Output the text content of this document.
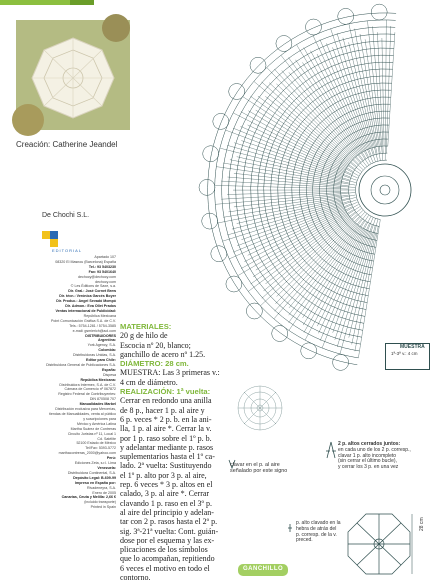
Creación: Catherine Jeandel
De Chochi S.L.
EDITORIAL
Apartado 107
08320 El Masnou (Barcelona) España
Tel.: 93 5403230
Fax: 93 5401640
dechocy@dechocy.com
dechocy.com
© Les Éditions de Saxe, s.a.
Dir. Gral.: José Cornet Brew
Dir. técn.: Verónica Garcés Boyer
Dir. Produc.: Angel Sevadó Mompó
Dir. Admon.: Eva Ollet Prados
Ventas internacional de Publicidad:
República Mexicana
Point Comunicación Gráfica S.A. de C.V.
Tels.: 5754-1281 / 5754-3585
e-mail: gsmierich@aol.com
DISTRIBUIDORES
Argentina:
York Agency, S.A.
Colombia:
Distribuidoras Unidas, S.A.
Editor para Chile:
Distribuidora General de Publicaciones S.A.
España:
Dispesa
República Mexicana:
Distribuidora Intermex, S.A. de C.V.
Cámara de Comercio nº 067872
Registro Federal de Contribuyentes:
DIN 870508 707
Manualidades Marbel
Distribución exclusiva para Mercerías,
tiendas de Manualidades, venta al público
y suscripciones para
México y América Latina
Martha Suárez de Contreras
Circuito Juristas nº 11, Local 1
Cd. Satélite
52100 Estado de México
Tel/Fax: 5393-5772
marthacontreras_2000@yahoo.com
Perú:
Ediciones Zeta, s.r.l. Lima
Venezuela:
Distribuidora Continental, S.A.
Depósito Legal: B-609-99
Impreso en España por:
Rivadeneyra, S.A.
Enero de 2005
Canarias, Ceuta y Melilla: 2,66 €
(incluido transporte)
Printed in Spain
MUESTRA
1ª-3ª v.: 4 cm
MATERIALES:
20 g de hilo de
Escocia nº 20, blanco;
ganchillo de acero nº 1.25.
DIÁMETRO: 28 cm.
MUESTRA: Las 3 primeras v.:
4 cm de diámetro.
REALIZACIÓN: 1ª vuelta:
Cerrar en redondo una anilla
de 8 p., hacer 1 p. al aire y
6 p. veces * 2 p. b. en la ani-
lla, 1 p. al aire *. Cerrar la v.
por 1 p. raso sobre el 1º p. b.
y adelantar mediante p. rasos
suplementarios hasta el 1º ca-
lado. 2ª vuelta: Sustituyendo
el 1º p. alto por 3 p. al aire,
rep. 6 veces * 3 p. altos en el
calado, 3 p. al aire *. Cerrar
clavando 1 p. raso en el 3º p.
al aire del principio y adelan-
tar con 2 p. rasos hasta el 2º p.
sig. 3ª-21ª vuelta: Cont. guián-
dose por el esquema y las ex-
plicaciones de los símbolos
que lo acompañan, repitiendo
6 veces el motivo en todo el
contorno.
clavar en el p. al aire
señalado por este signo
2 p. altos cerrados juntos:
en cada uno de los 2 p. corresp.,
clavar 1 p. alto incompleto
(sin cerrar el último bucle),
y cerrar los 3 p. en una vez
p. alto clavado en la
hebra de atrás del
p. corresp. de la v.
preced.
28 cm
GANCHILLO
